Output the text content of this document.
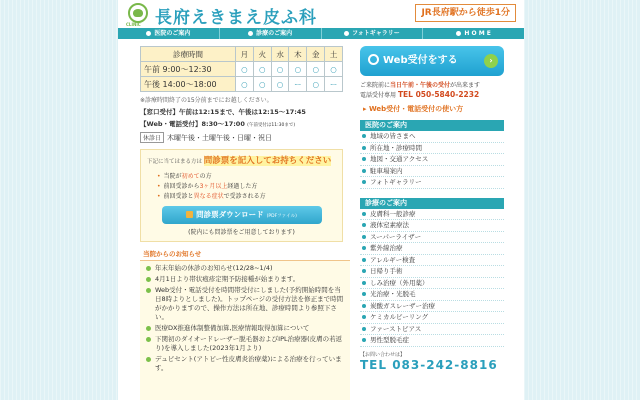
CLINIC 長府えきまえ皮ふ科	JR長府駅から徒歩1分
医院のご案内	診療のご案内	フォトギャラリー	H O M E
診療時間	月	火	水	木	金	土
午前 9:00〜12:30	○	○	○	○	○	○
午後 14:00〜18:00	○	○	○	ー	○	ー
※診療時間終了の15分前までにお越しください。
【窓口受付】午前は12:15まで、午後は12:15〜17:45
【Web・電話受付】8:30〜17:00 (午前受付は11:30まで)
休診日 木曜午後・土曜午後・日曜・祝日
下記に当てはまる方は 問診票を記入してお持ちください
• 当院が初めての方
• 前回受診から3ヶ月以上経過した方
• 前回受診と異なる症状で受診される方
問診票ダウンロード (PDFファイル)
(院内にも問診票をご用意しております)
当院からのお知らせ
年末年始の休診のお知らせ(12/28~1/4)
4月1日より帯状疱疹定期予防接種が始まります。
Web受付・電話受付を時間帯受付にしました(予約開始時間を当日8時よりとしました)。トップページの受付方法を修正まで時間がかかりますので、操作方法は所在地、診療時間より参照下さい。
医療DX推進体制整備加算,医療情報取得加算について
下関初のダイオードレーザー脱毛器およびIPL治療器(皮膚の若返り)を導入しました(2023年1月より)
デュピセント(アトピー性皮膚炎治療薬)による治療を行っています。
Web受付をする	›
ご来院前に当日午前・午後の受付が出来ます
電話受付専用 TEL 050-5840-2232
▸ Web受付・電話受付の使い方
医院のご案内
地域の皆さまへ
所在地・診療時間
地図・交通アクセス
駐車場案内
フォトギャラリー
診療のご案内
皮膚科一般診療
液体窒素療法
スーパーライザー
紫外線治療
アレルギー検査
日帰り手術
しみ治療（外用薬）
光治療・光脱毛
炭酸ガスレーザー治療
ケミカルピーリング
ファーストピアス
男性型脱毛症
【お問い合わせは】
TEL 083-242-8816
